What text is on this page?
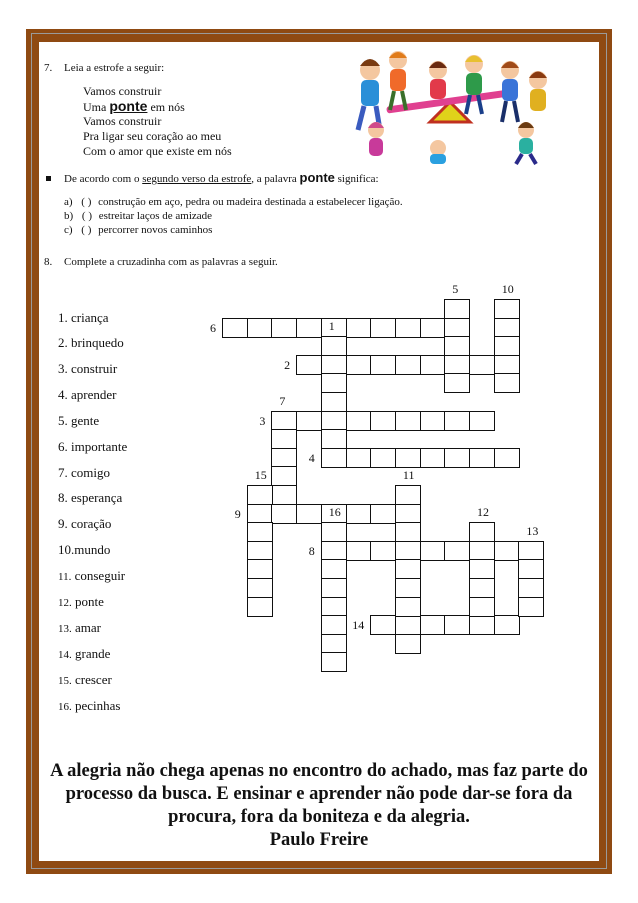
7. Leia a estrofe a seguir:
Vamos construir
Uma ponte em nós
Vamos construir
Pra ligar seu coração ao meu
Com o amor que existe em nós
De acordo com o segundo verso da estrofe, a palavra ponte significa:
a) ( ) construção em aço, pedra ou madeira destinada a estabelecer ligação.
b) ( ) estreitar laços de amizade
c) ( ) percorrer novos caminhos
8. Complete a cruzadinha com as palavras a seguir.
1. criança
2. brinquedo
3. construir
4. aprender
5. gente
6. importante
7. comigo
8. esperança
9. coração
10.mundo
11. conseguir
12. ponte
13. amar
14. grande
15. crescer
16. pecinhas
6
2
3
4
9
8
14
5	10
1
7
15	11
16	12
13
A alegria não chega apenas no encontro do achado, mas faz parte do processo da busca. E ensinar e aprender não pode dar-se fora da procura, fora da boniteza e da alegria.
Paulo Freire
